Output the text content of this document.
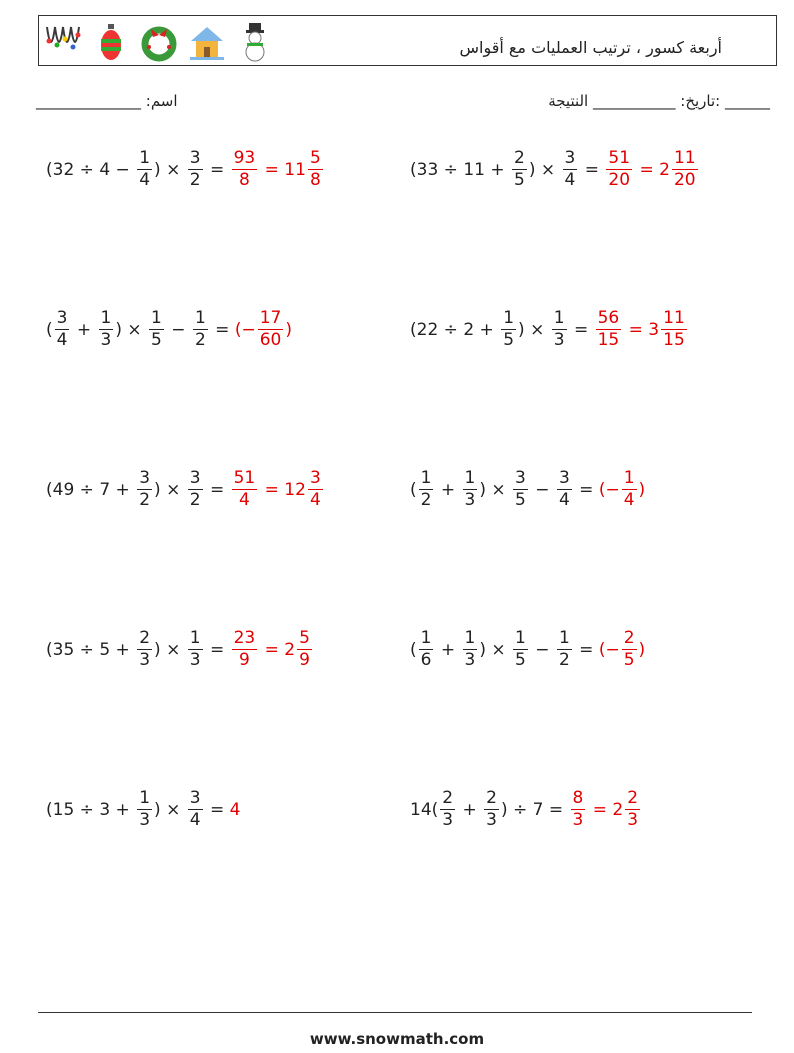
أربعة كسور ، ترتيب العمليات مع أقواس
______ :تاريخ: ___________ النتيجة
اسم: ______________
( $32 \div 4 - \frac{1}{4}$ ) × $\frac{3}{2} = \frac{93}{8} = 11 \frac{5}{8}$	( $33 \div 11 + \frac{2}{5}$ ) × $\frac{3}{4} = \frac{51}{20} = 2 \frac{11}{20}$
( $\frac{3}{4} + \frac{1}{3}$ ) × $\frac{1}{5} - \frac{1}{2}$ = (− $\frac{17}{60}$ )	( $22 \div 2 + \frac{1}{5}$ ) × $\frac{1}{3} = \frac{56}{15} = 3 \frac{11}{15}$
( $49 \div 7 + \frac{3}{2}$ ) × $\frac{3}{2} = \frac{51}{4} = 12 \frac{3}{4}$	( $\frac{1}{2} + \frac{1}{3}$ ) × $\frac{3}{5} - \frac{3}{4}$ = (− $\frac{1}{4}$ )
( $35 \div 5 + \frac{2}{3}$ ) × $\frac{1}{3} = \frac{23}{9} = 2 \frac{5}{9}$	( $\frac{1}{6} + \frac{1}{3}$ ) × $\frac{1}{5} - \frac{1}{2}$ = (− $\frac{2}{5}$ )
( $15 \div 3 + \frac{1}{3}$ ) × $\frac{3}{4} = 4$	$14( \frac{2}{3} + \frac{2}{3}$ ) ÷ $7 = \frac{8}{3} = 2 \frac{2}{3}$
www.snowmath.com
